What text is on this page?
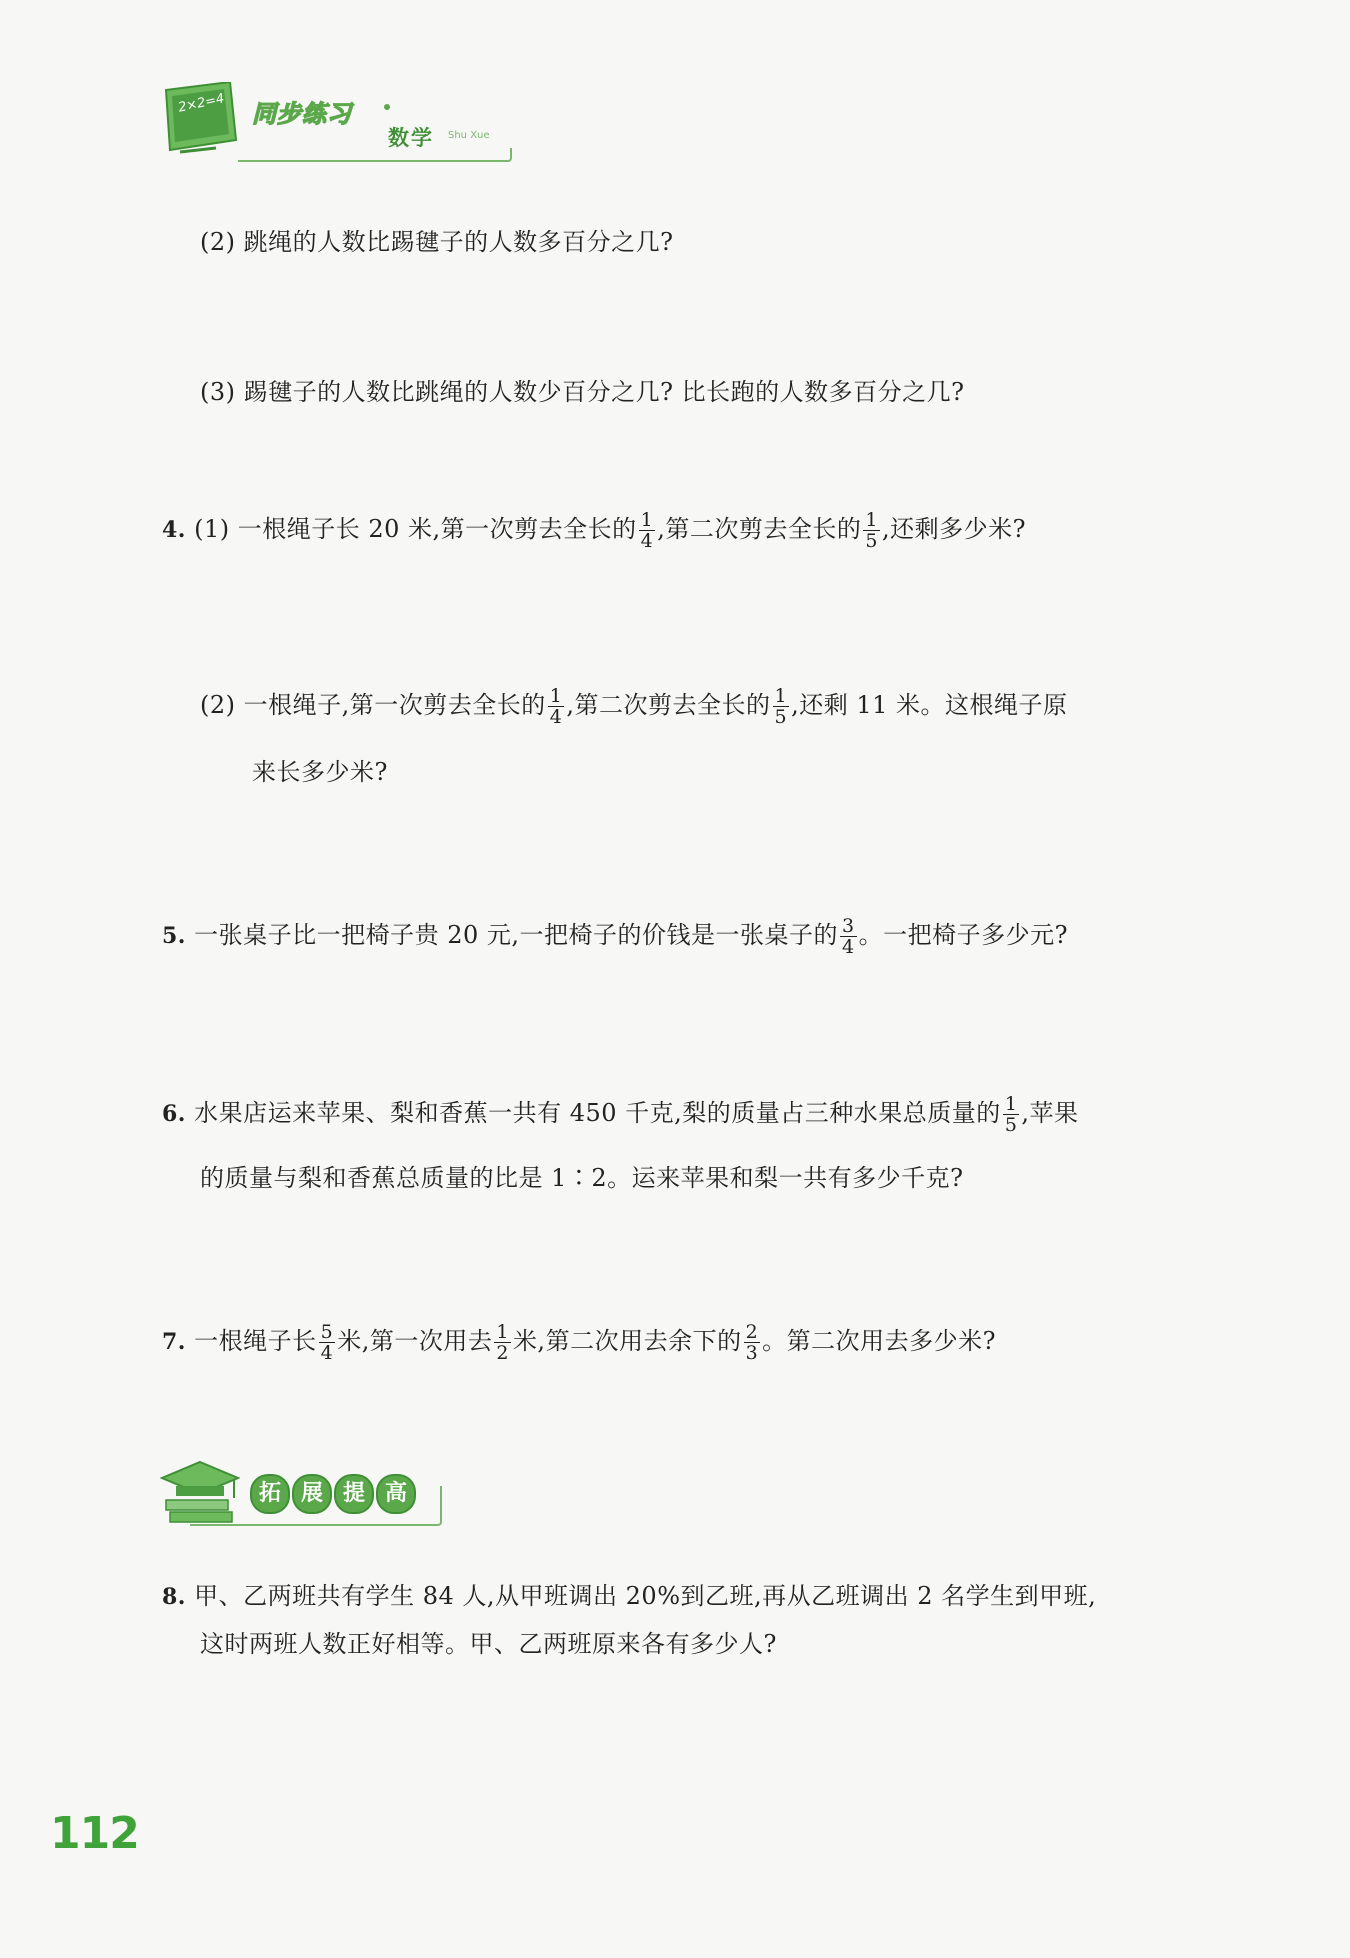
2×2=4 同步练习
数学 Shu Xue
(2) 跳绳的人数比踢毽子的人数多百分之几?
(3) 踢毽子的人数比跳绳的人数少百分之几? 比长跑的人数多百分之几?
4. (1) 一根绳子长 20 米,第一次剪去全长的 $\frac{1}{4}$ ,第二次剪去全长的 $\frac{1}{5}$ ,还剩多少米?
(2) 一根绳子,第一次剪去全长的 $\frac{1}{4}$ ,第二次剪去全长的 $\frac{1}{5}$ ,还剩 11 米。这根绳子原
来长多少米?
5. 一张桌子比一把椅子贵 20 元,一把椅子的价钱是一张桌子的 $\frac{3}{4}$ 。一把椅子多少元?
6. 水果店运来苹果、梨和香蕉一共有 450 千克,梨的质量占三种水果总质量的 $\frac{1}{5}$ ,苹果
的质量与梨和香蕉总质量的比是 1∶2。运来苹果和梨一共有多少千克?
7. 一根绳子长 $\frac{5}{4}$ 米,第一次用去 $\frac{1}{2}$ 米,第二次用去余下的 $\frac{2}{3}$ 。第二次用去多少米?
拓 展 提 高
8. 甲、乙两班共有学生 84 人,从甲班调出 20%到乙班,再从乙班调出 2 名学生到甲班,
这时两班人数正好相等。甲、乙两班原来各有多少人?
112
